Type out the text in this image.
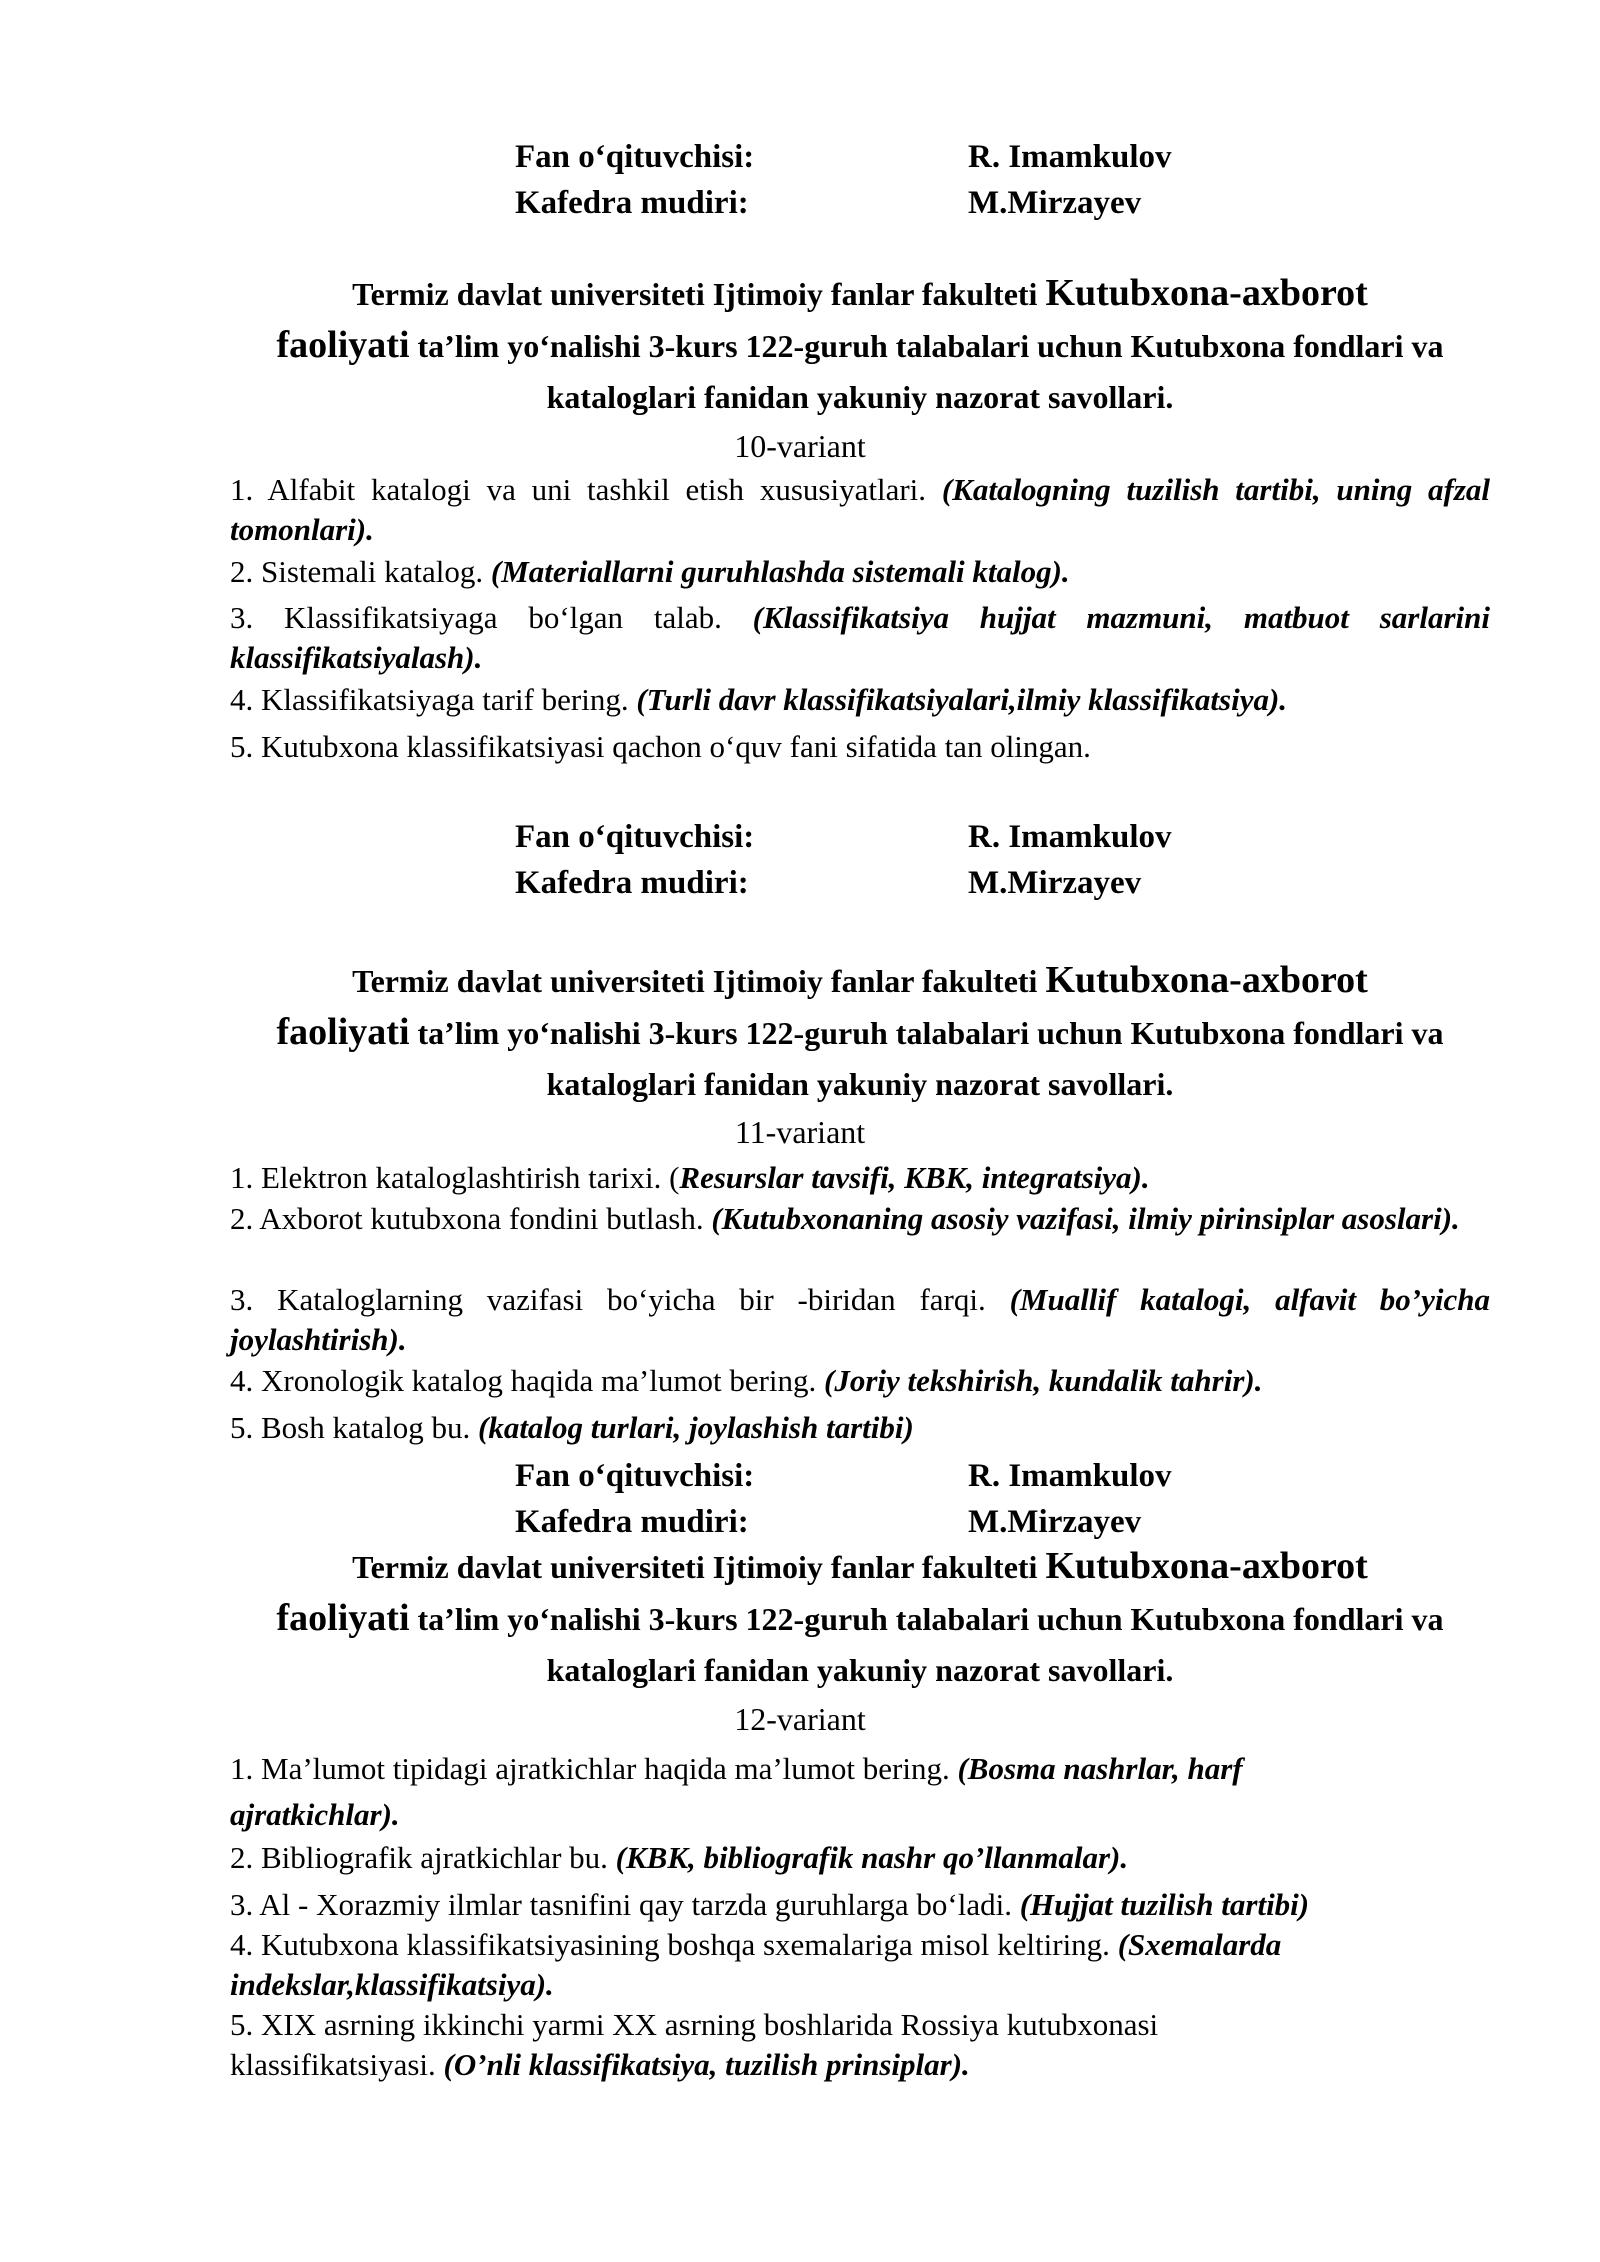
Fan o‘qituvchisi:	R. Imamkulov
Kafedra mudiri:	M.Mirzayev
Termiz davlat universiteti Ijtimoiy fanlar fakulteti Kutubxona-axborot
faoliyati ta’lim yo‘nalishi 3-kurs 122-guruh talabalari uchun Kutubxona fondlari va kataloglari fanidan yakuniy nazorat savollari.
10-variant
1. Alfabit katalogi va uni tashkil etish xususiyatlari. (Katalogning tuzilish tartibi, uning afzal tomonlari).
2. Sistemali katalog. (Materiallarni guruhlashda sistemali ktalog).
3. Klassifikatsiyaga bo‘lgan talab. (Klassifikatsiya hujjat mazmuni, matbuot sarlarini klassifikatsiyalash).
4. Klassifikatsiyaga tarif bering. (Turli davr klassifikatsiyalari,ilmiy klassifikatsiya).
5. Kutubxona klassifikatsiyasi qachon o‘quv fani sifatida tan olingan.
Fan o‘qituvchisi:	R. Imamkulov
Kafedra mudiri:	M.Mirzayev
Termiz davlat universiteti Ijtimoiy fanlar fakulteti Kutubxona-axborot
faoliyati ta’lim yo‘nalishi 3-kurs 122-guruh talabalari uchun Kutubxona fondlari va kataloglari fanidan yakuniy nazorat savollari.
11-variant
1. Elektron kataloglashtirish tarixi. (Resurslar tavsifi, KBK, integratsiya).
2. Axborot kutubxona fondini butlash. (Kutubxonaning asosiy vazifasi, ilmiy pirinsiplar asoslari).
3. Kataloglarning vazifasi bo‘yicha bir -biridan farqi. (Muallif katalogi, alfavit bo’yicha joylashtirish).
4. Xronologik katalog haqida ma’lumot bering. (Joriy tekshirish, kundalik tahrir).
5. Bosh katalog bu. (katalog turlari, joylashish tartibi)
Fan o‘qituvchisi:	R. Imamkulov
Kafedra mudiri:	M.Mirzayev
Termiz davlat universiteti Ijtimoiy fanlar fakulteti Kutubxona-axborot
faoliyati ta’lim yo‘nalishi 3-kurs 122-guruh talabalari uchun Kutubxona fondlari va kataloglari fanidan yakuniy nazorat savollari.
12-variant
1. Ma’lumot tipidagi ajratkichlar haqida ma’lumot bering. (Bosma nashrlar, harf ajratkichlar).
2. Bibliografik ajratkichlar bu. (KBK, bibliografik nashr qo’llanmalar).
3. Al - Xorazmiy ilmlar tasnifini qay tarzda guruhlarga bo‘ladi. (Hujjat tuzilish tartibi)
4. Kutubxona klassifikatsiyasining boshqa sxemalariga misol keltiring. (Sxemalarda indekslar,klassifikatsiya).
5. XIX asrning ikkinchi yarmi XX asrning boshlarida Rossiya kutubxonasi klassifikatsiyasi. (O’nli klassifikatsiya, tuzilish prinsiplar).
